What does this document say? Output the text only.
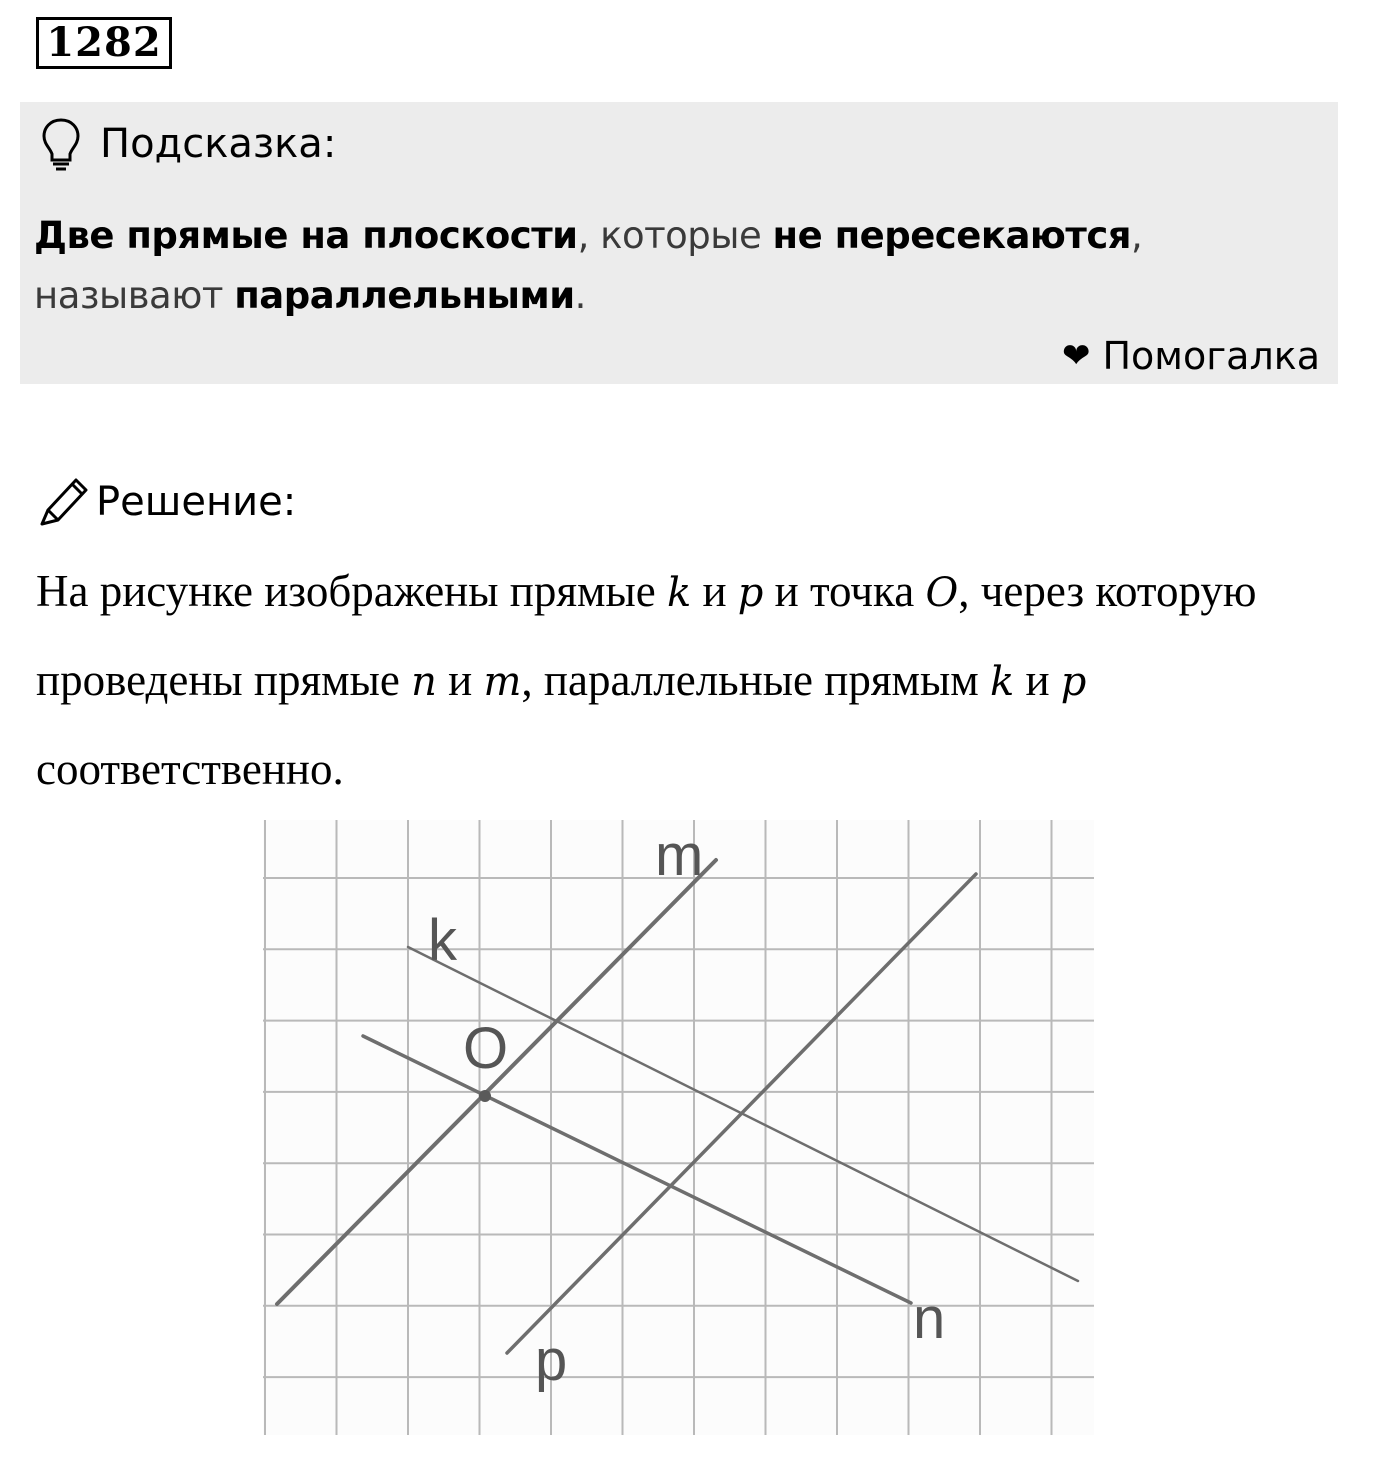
1282
Подсказка:
Две прямые на плоскости, которые не пересекаются, называют параллельными.
❤ Помогалка
Решение:
На рисунке изображены прямые k и p и точка O, через которую проведены прямые n и m, параллельные прямым k и p соответственно.
m
k
O
n
p
